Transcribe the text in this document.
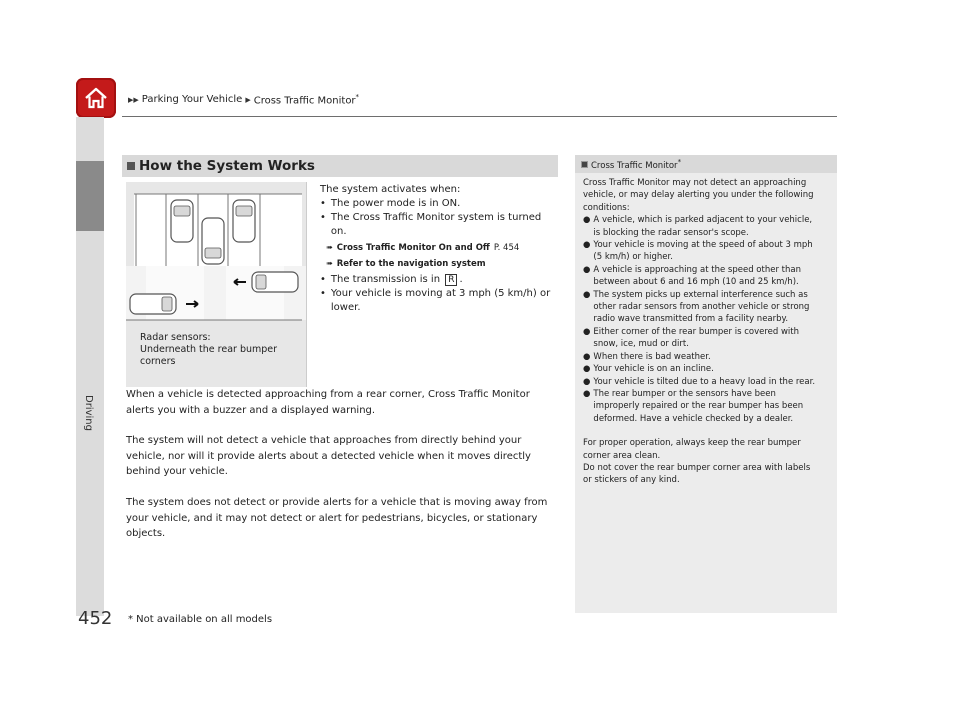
▶▶ Parking Your Vehicle ▶ Cross Traffic Monitor*
Driving
How the System Works
Radar sensors:
Underneath the rear bumper
corners

The system activates when:

• The power mode is in ON.
• The Cross Traffic Monitor system is turned
on.
➠ Cross Traffic Monitor On and Off P. 454
➠ Refer to the navigation system
• The transmission is in R .
• Your vehicle is moving at 3 mph (5 km/h) or
lower.

When a vehicle is detected approaching from a rear corner, Cross Traffic Monitor

alerts you with a buzzer and a displayed warning.

The system will not detect a vehicle that approaches from directly behind your

vehicle, nor will it provide alerts about a detected vehicle when it moves directly

behind your vehicle.

The system does not detect or provide alerts for a vehicle that is moving away from

your vehicle, and it may not detect or alert for pedestrians, bicycles, or stationary

objects.

Cross Traffic Monitor*

Cross Traffic Monitor may not detect an approaching

vehicle, or may delay alerting you under the following

conditions:

● A vehicle, which is parked adjacent to your vehicle,
is blocking the radar sensor's scope.
● Your vehicle is moving at the speed of about 3 mph
(5 km/h) or higher.
● A vehicle is approaching at the speed other than
between about 6 and 16 mph (10 and 25 km/h).
● The system picks up external interference such as
other radar sensors from another vehicle or strong
radio wave transmitted from a facility nearby.
● Either corner of the rear bumper is covered with
snow, ice, mud or dirt.
● When there is bad weather.
● Your vehicle is on an incline.
● Your vehicle is tilted due to a heavy load in the rear.
● The rear bumper or the sensors have been
improperly repaired or the rear bumper has been
deformed. Have a vehicle checked by a dealer.

For proper operation, always keep the rear bumper

corner area clean.

Do not cover the rear bumper corner area with labels

or stickers of any kind.

452 * Not available on all models
